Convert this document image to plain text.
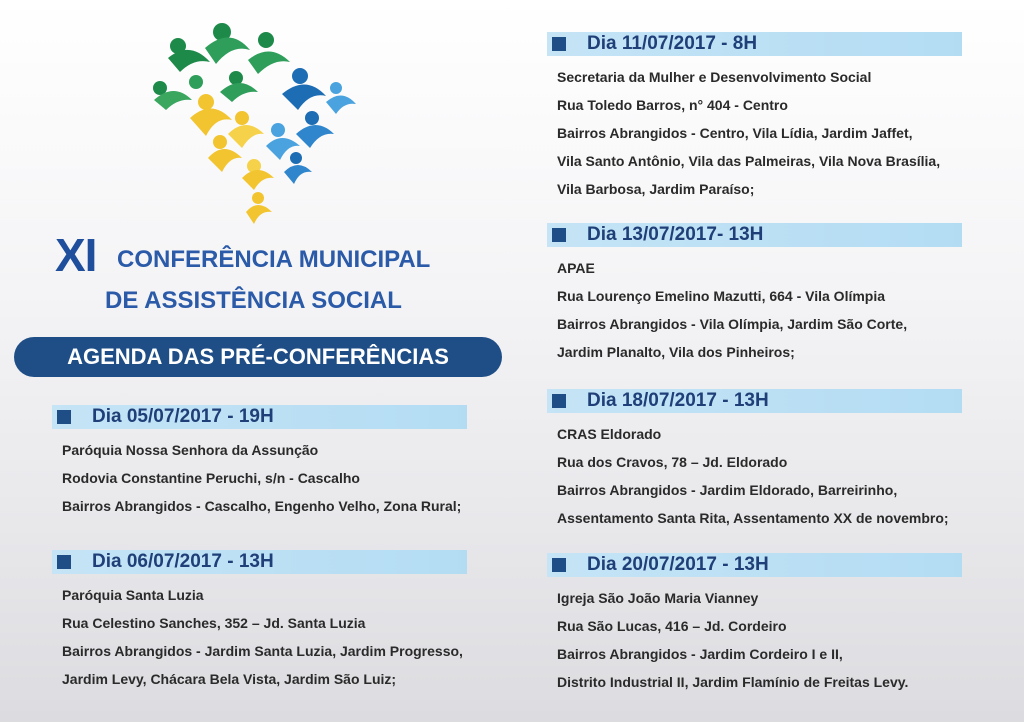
XI CONFERÊNCIA MUNICIPAL
DE ASSISTÊNCIA SOCIAL
AGENDA DAS PRÉ-CONFERÊNCIAS
Dia 05/07/2017 - 19H
Paróquia Nossa Senhora da Assunção
Rodovia Constantine Peruchi, s/n - Cascalho
Bairros Abrangidos - Cascalho, Engenho Velho, Zona Rural;
Dia 06/07/2017 - 13H
Paróquia Santa Luzia
Rua Celestino Sanches, 352 – Jd. Santa Luzia
Bairros Abrangidos - Jardim Santa Luzia, Jardim Progresso,
Jardim Levy, Chácara Bela Vista, Jardim São Luiz;
Dia 11/07/2017 - 8H
Secretaria da Mulher e Desenvolvimento Social
Rua Toledo Barros, n° 404 - Centro
Bairros Abrangidos - Centro, Vila Lídia, Jardim Jaffet,
Vila Santo Antônio, Vila das Palmeiras, Vila Nova Brasília,
Vila Barbosa, Jardim Paraíso;
Dia 13/07/2017- 13H
APAE
Rua Lourenço Emelino Mazutti, 664 - Vila Olímpia
Bairros Abrangidos - Vila Olímpia, Jardim São Corte,
Jardim Planalto, Vila dos Pinheiros;
Dia 18/07/2017 - 13H
CRAS Eldorado
Rua dos Cravos, 78 – Jd. Eldorado
Bairros Abrangidos - Jardim Eldorado, Barreirinho,
Assentamento Santa Rita, Assentamento XX de novembro;
Dia 20/07/2017 - 13H
Igreja São João Maria Vianney
Rua São Lucas, 416 – Jd. Cordeiro
Bairros Abrangidos - Jardim Cordeiro I e II,
Distrito Industrial II, Jardim Flamínio de Freitas Levy.
